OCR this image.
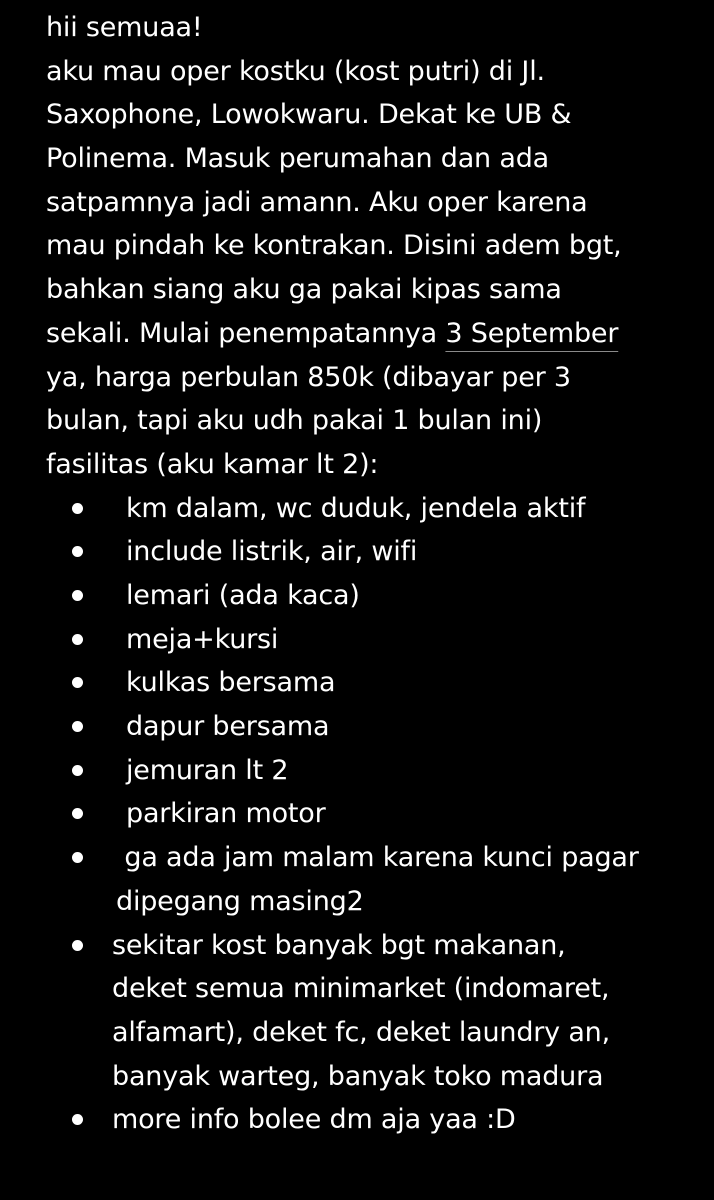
hii semuaa!
aku mau oper kostku (kost putri) di Jl.
Saxophone, Lowokwaru. Dekat ke UB &
Polinema. Masuk perumahan dan ada
satpamnya jadi amann. Aku oper karena
mau pindah ke kontrakan. Disini adem bgt,
bahkan siang aku ga pakai kipas sama
sekali. Mulai penempatannya 3 September
ya, harga perbulan 850k (dibayar per 3
bulan, tapi aku udh pakai 1 bulan ini)
fasilitas (aku kamar lt 2):
km dalam, wc duduk, jendela aktif
include listrik, air, wifi
lemari (ada kaca)
meja+kursi
kulkas bersama
dapur bersama
jemuran lt 2
parkiran motor
ga ada jam malam karena kunci pagar
dipegang masing2
sekitar kost banyak bgt makanan,
deket semua minimarket (indomaret,
alfamart), deket fc, deket laundry an,
banyak warteg, banyak toko madura
more info bolee dm aja yaa :D
